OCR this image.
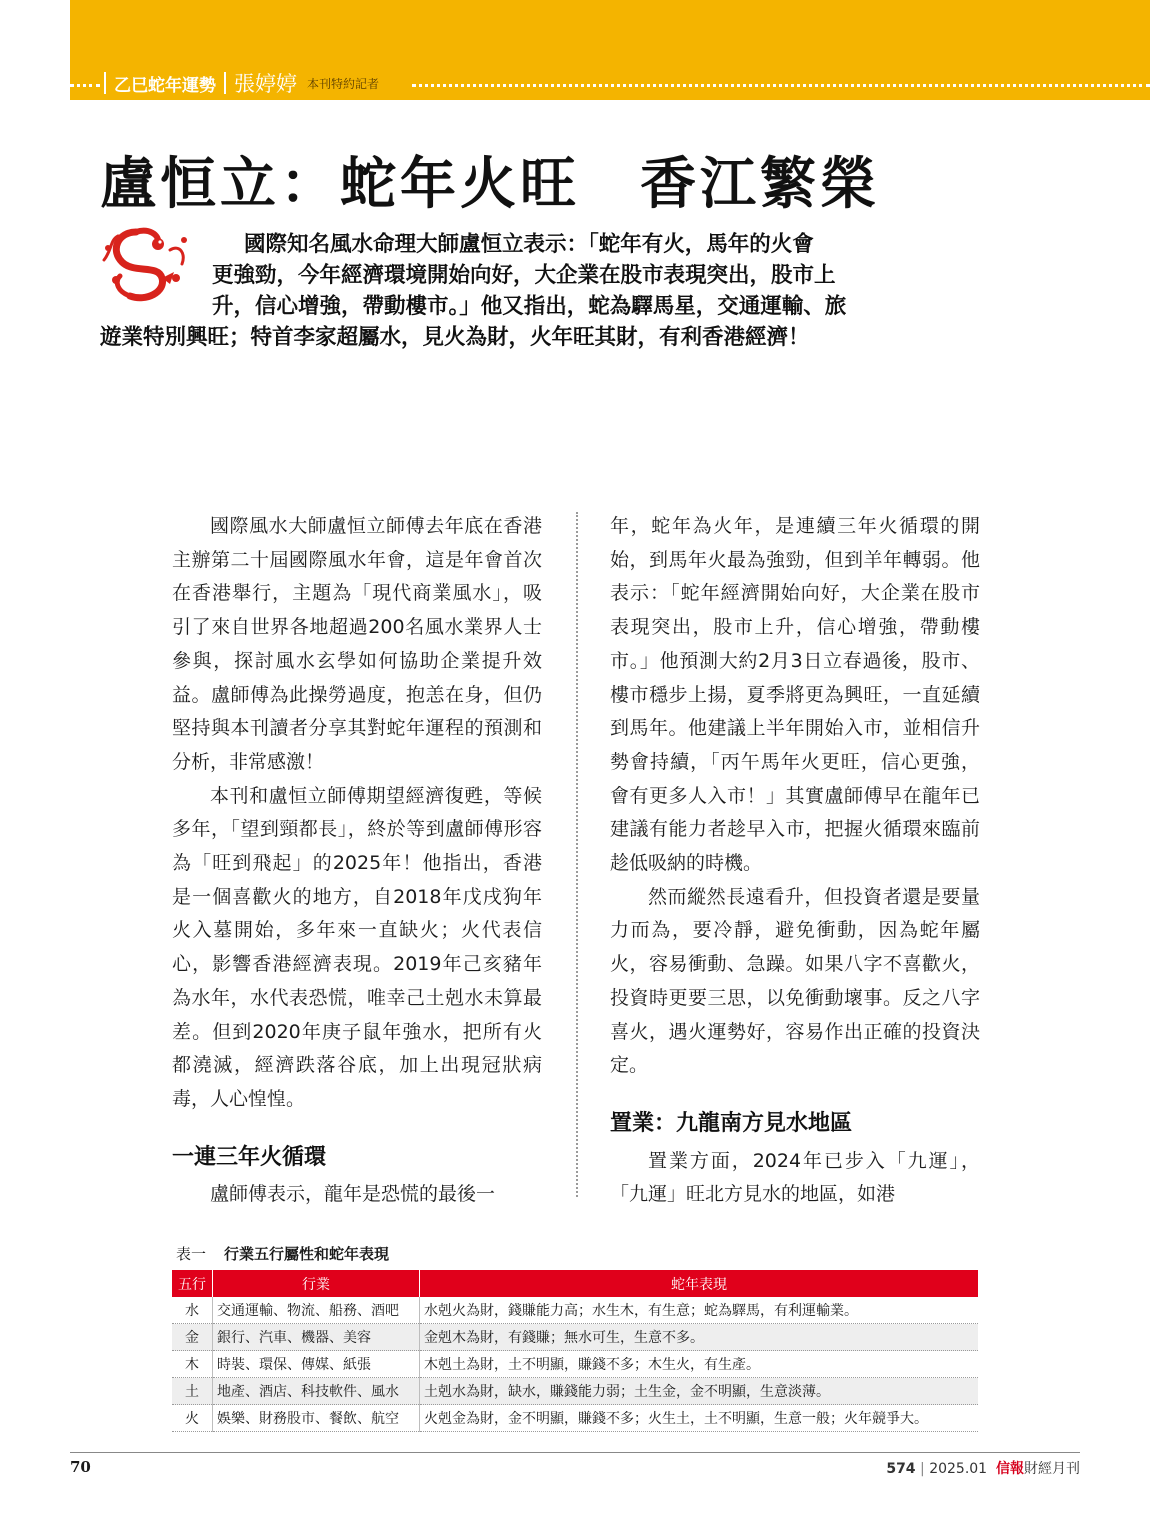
乙巳蛇年運勢 張婷婷 本刊特約記者
盧恒立：蛇年火旺　香江繁榮
國際知名風水命理大師盧恒立表示：「蛇年有火，馬年的火會
更強勁，今年經濟環境開始向好，大企業在股市表現突出，股市上
升，信心增強，帶動樓市。」他又指出，蛇為驛馬星，交通運輸、旅
遊業特別興旺；特首李家超屬水，見火為財，火年旺其財，有利香港經濟！

國際風水大師盧恒立師傅去年底在香港主辦第二十屆國際風水年會，這是年會首次在香港舉行，主題為「現代商業風水」，吸引了來自世界各地超過200名風水業界人士參與，探討風水玄學如何協助企業提升效益。盧師傅為此操勞過度，抱恙在身，但仍堅持與本刊讀者分享其對蛇年運程的預測和分析，非常感激！

本刊和盧恒立師傅期望經濟復甦，等候多年，「望到頸都長」，終於等到盧師傅形容為「旺到飛起」的2025年！他指出，香港是一個喜歡火的地方，自2018年戊戌狗年火入墓開始，多年來一直缺火；火代表信心，影響香港經濟表現。2019年己亥豬年為水年，水代表恐慌，唯幸己土剋水未算最差。但到2020年庚子鼠年強水，把所有火都澆滅，經濟跌落谷底，加上出現冠狀病毒，人心惶惶。

一連三年火循環

盧師傅表示，龍年是恐慌的最後一

年，蛇年為火年，是連續三年火循環的開始，到馬年火最為強勁，但到羊年轉弱。他表示：「蛇年經濟開始向好，大企業在股市表現突出，股市上升，信心增強，帶動樓市。」他預測大約2月3日立春過後，股市、樓市穩步上揚，夏季將更為興旺，一直延續到馬年。他建議上半年開始入市，並相信升勢會持續，「丙午馬年火更旺，信心更強，會有更多人入市！」其實盧師傅早在龍年已建議有能力者趁早入市，把握火循環來臨前趁低吸納的時機。

然而縱然長遠看升，但投資者還是要量力而為，要冷靜，避免衝動，因為蛇年屬火，容易衝動、急躁。如果八字不喜歡火，投資時更要三思，以免衝動壞事。反之八字喜火，遇火運勢好，容易作出正確的投資決定。

置業：九龍南方見水地區

置業方面，2024年已步入「九運」，「九運」旺北方見水的地區，如港

表一 行業五行屬性和蛇年表現
五行	行業	蛇年表現
水	交通運輸、物流、船務、酒吧	水剋火為財，錢賺能力高；水生木，有生意；蛇為驛馬，有利運輸業。
金	銀行、汽車、機器、美容	金剋木為財，有錢賺；無水可生，生意不多。
木	時裝、環保、傳媒、紙張	木剋土為財，土不明顯，賺錢不多；木生火，有生產。
土	地產、酒店、科技軟件、風水	土剋水為財，缺水，賺錢能力弱；土生金，金不明顯，生意淡薄。
火	娛樂、財務股市、餐飲、航空	火剋金為財，金不明顯，賺錢不多；火生土，土不明顯，生意一般；火年競爭大。
70	574 | 2025.01 信報財經月刊
